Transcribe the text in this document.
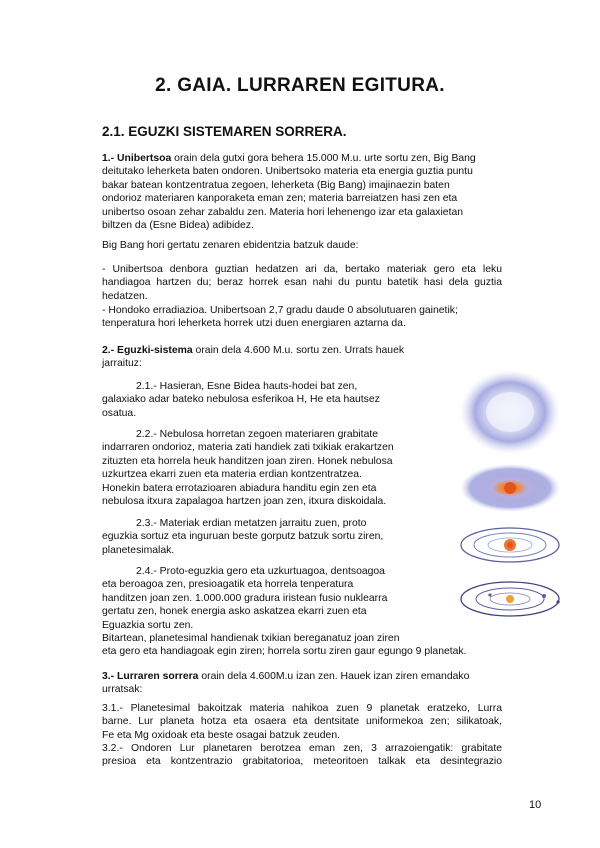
2. GAIA. LURRAREN EGITURA.
2.1. EGUZKI SISTEMAREN SORRERA.
1.- Unibertsoa orain dela gutxi gora behera 15.000 M.u. urte sortu zen, Big Bang
deitutako leherketa baten ondoren. Unibertsoko materia eta energia guztia puntu
bakar batean kontzentratua zegoen, leherketa (Big Bang) imajinaezin baten
ondorioz materiaren kanporaketa eman zen; materia barreiatzen hasi zen eta
unibertso osoan zehar zabaldu zen. Materia hori lehenengo izar eta galaxietan
biltzen da (Esne Bidea) adibidez.
Big Bang hori gertatu zenaren ebidentzia batzuk daude:
- Unibertsoa denbora guztian hedatzen ari da, bertako materiak gero eta leku
handiagoa hartzen du; beraz horrek esan nahi du puntu batetik hasi dela guztia
hedatzen.
- Hondoko erradiazioa. Unibertsoan 2,7 gradu daude 0 absolutuaren gainetik;
tenperatura hori leherketa horrek utzi duen energiaren aztarna da.
2.- Eguzki-sistema orain dela 4.600 M.u. sortu zen. Urrats hauek
jarraituz:
2.1.- Hasieran, Esne Bidea hauts-hodei bat zen,
galaxiako adar bateko nebulosa esferikoa H, He eta hautsez
osatua.
2.2.- Nebulosa horretan zegoen materiaren grabitate
indarraren ondorioz, materia zati handiek zati txikiak erakartzen
zituzten eta horrela heuk handitzen joan ziren. Honek nebulosa
uzkurtzea ekarri zuen eta materia erdian kontzentratzea.
Honekin batera errotazioaren abiadura handitu egin zen eta
nebulosa itxura zapalagoa hartzen joan zen, itxura diskoidala.
2.3.- Materiak erdian metatzen jarraitu zuen, proto
eguzkia sortuz eta inguruan beste gorputz batzuk sortu ziren,
planetesimalak.
2.4.- Proto-eguzkia gero eta uzkurtuagoa, dentsoagoa
eta beroagoa zen, presioagatik eta horrela tenperatura
handitzen joan zen. 1.000.000 gradura iristean fusio nuklearra
gertatu zen, honek energia asko askatzea ekarri zuen eta
Eguazkia sortu zen.
Bitartean, planetesimal handienak txikian bereganatuz joan ziren
eta gero eta handiagoak egin ziren; horrela sortu ziren gaur egungo 9 planetak.
3.- Lurraren sorrera orain dela 4.600M.u izan zen. Hauek izan ziren emandako
urratsak:
3.1.- Planetesimal bakoitzak materia nahikoa zuen 9 planetak eratzeko, Lurra
barne. Lur planeta hotza eta osaera eta dentsitate uniformekoa zen; silikatoak,
Fe eta Mg oxidoak eta beste osagai batzuk zeuden.
3.2.- Ondoren Lur planetaren berotzea eman zen, 3 arrazoiengatik: grabitate
presioa eta kontzentrazio grabitatorioa, meteoritoen talkak eta desintegrazio
10
